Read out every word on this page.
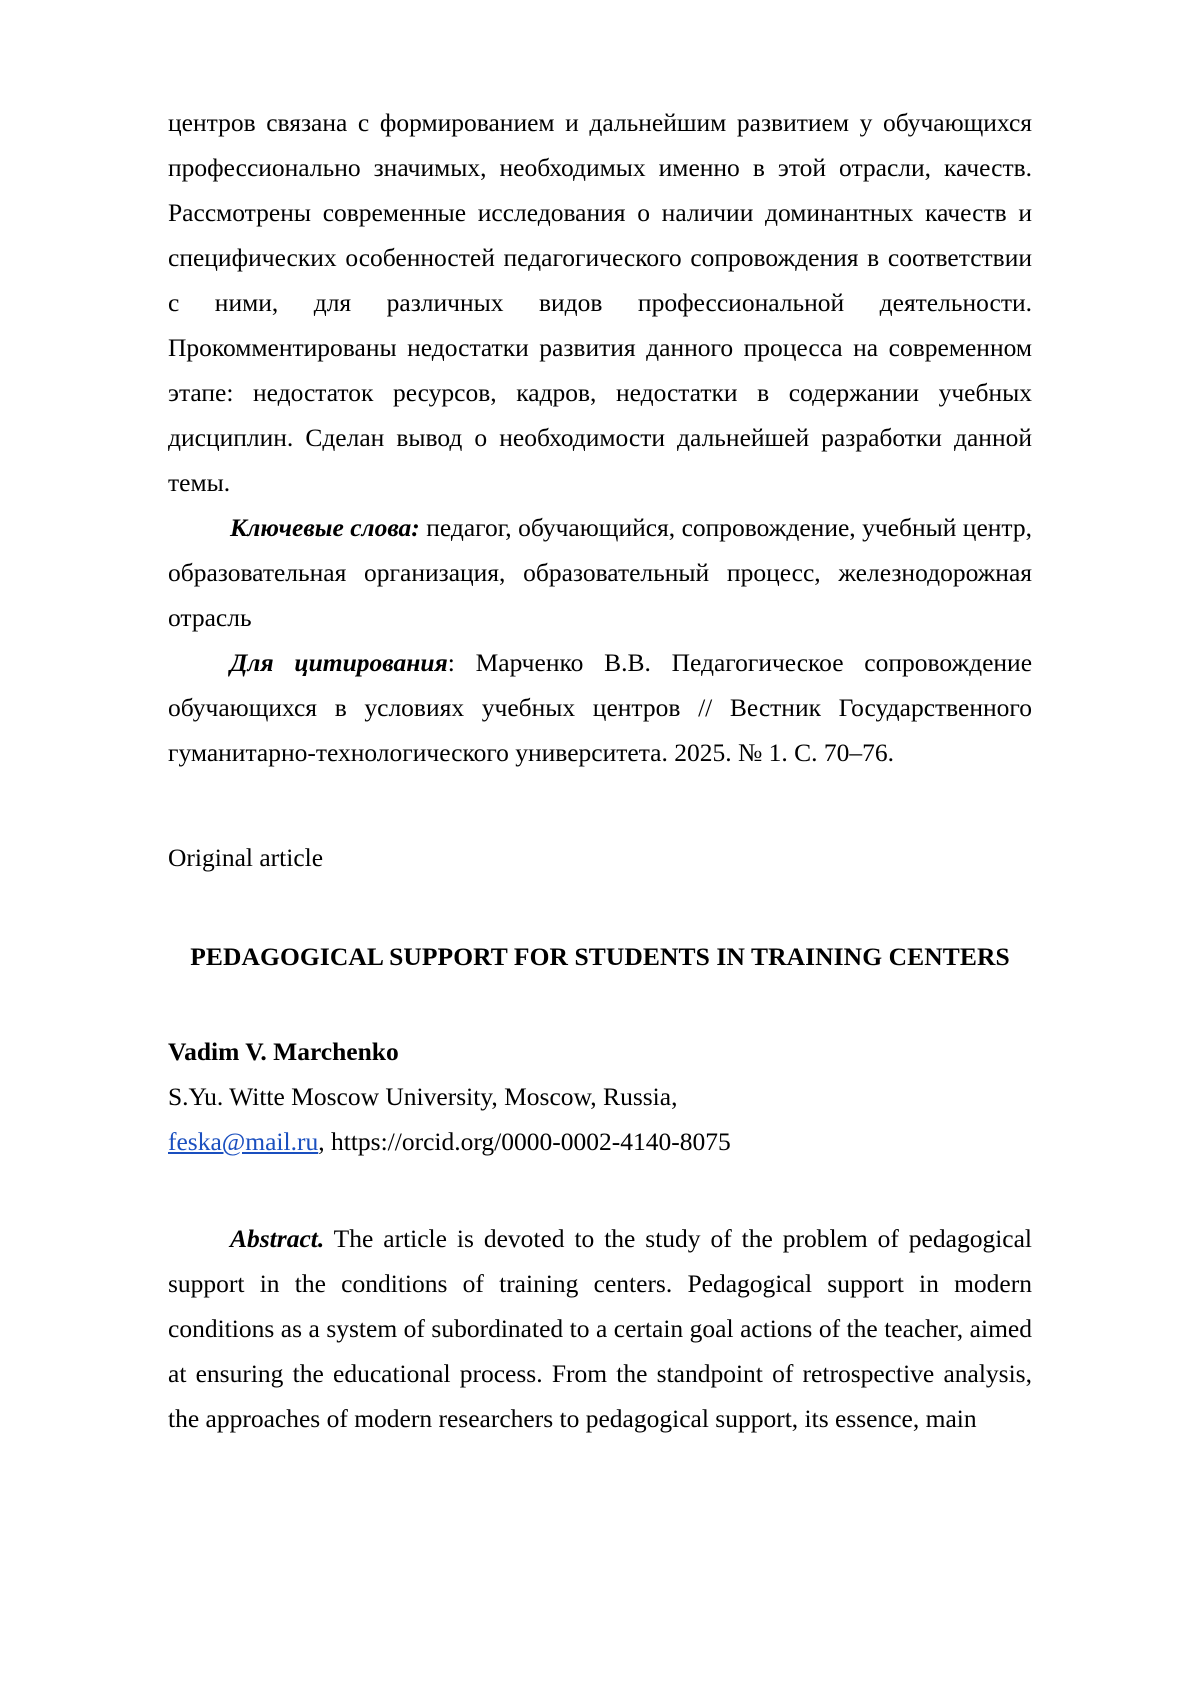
центров связана с формированием и дальнейшим развитием у обучающихся профессионально значимых, необходимых именно в этой отрасли, качеств. Рассмотрены современные исследования о наличии доминантных качеств и специфических особенностей педагогического сопровождения в соответствии с ними, для различных видов профессиональной деятельности. Прокомментированы недостатки развития данного процесса на современном этапе: недостаток ресурсов, кадров, недостатки в содержании учебных дисциплин. Сделан вывод о необходимости дальнейшей разработки данной темы.

Ключевые слова: педагог, обучающийся, сопровождение, учебный центр, образовательная организация, образовательный процесс, железнодорожная отрасль

Для цитирования: Марченко В.В. Педагогическое сопровождение обучающихся в условиях учебных центров // Вестник Государственного гуманитарно-технологического университета. 2025. № 1. С. 70–76.

Original article

PEDAGOGICAL SUPPORT FOR STUDENTS IN TRAINING CENTERS

Vadim V. Marchenko

S.Yu. Witte Moscow University, Moscow, Russia,

feska@mail.ru, https://orcid.org/0000-0002-4140-8075

Abstract. The article is devoted to the study of the problem of pedagogical support in the conditions of training centers. Pedagogical support in modern conditions as a system of subordinated to a certain goal actions of the teacher, aimed at ensuring the educational process. From the standpoint of retrospective analysis, the approaches of modern researchers to pedagogical support, its essence, main
